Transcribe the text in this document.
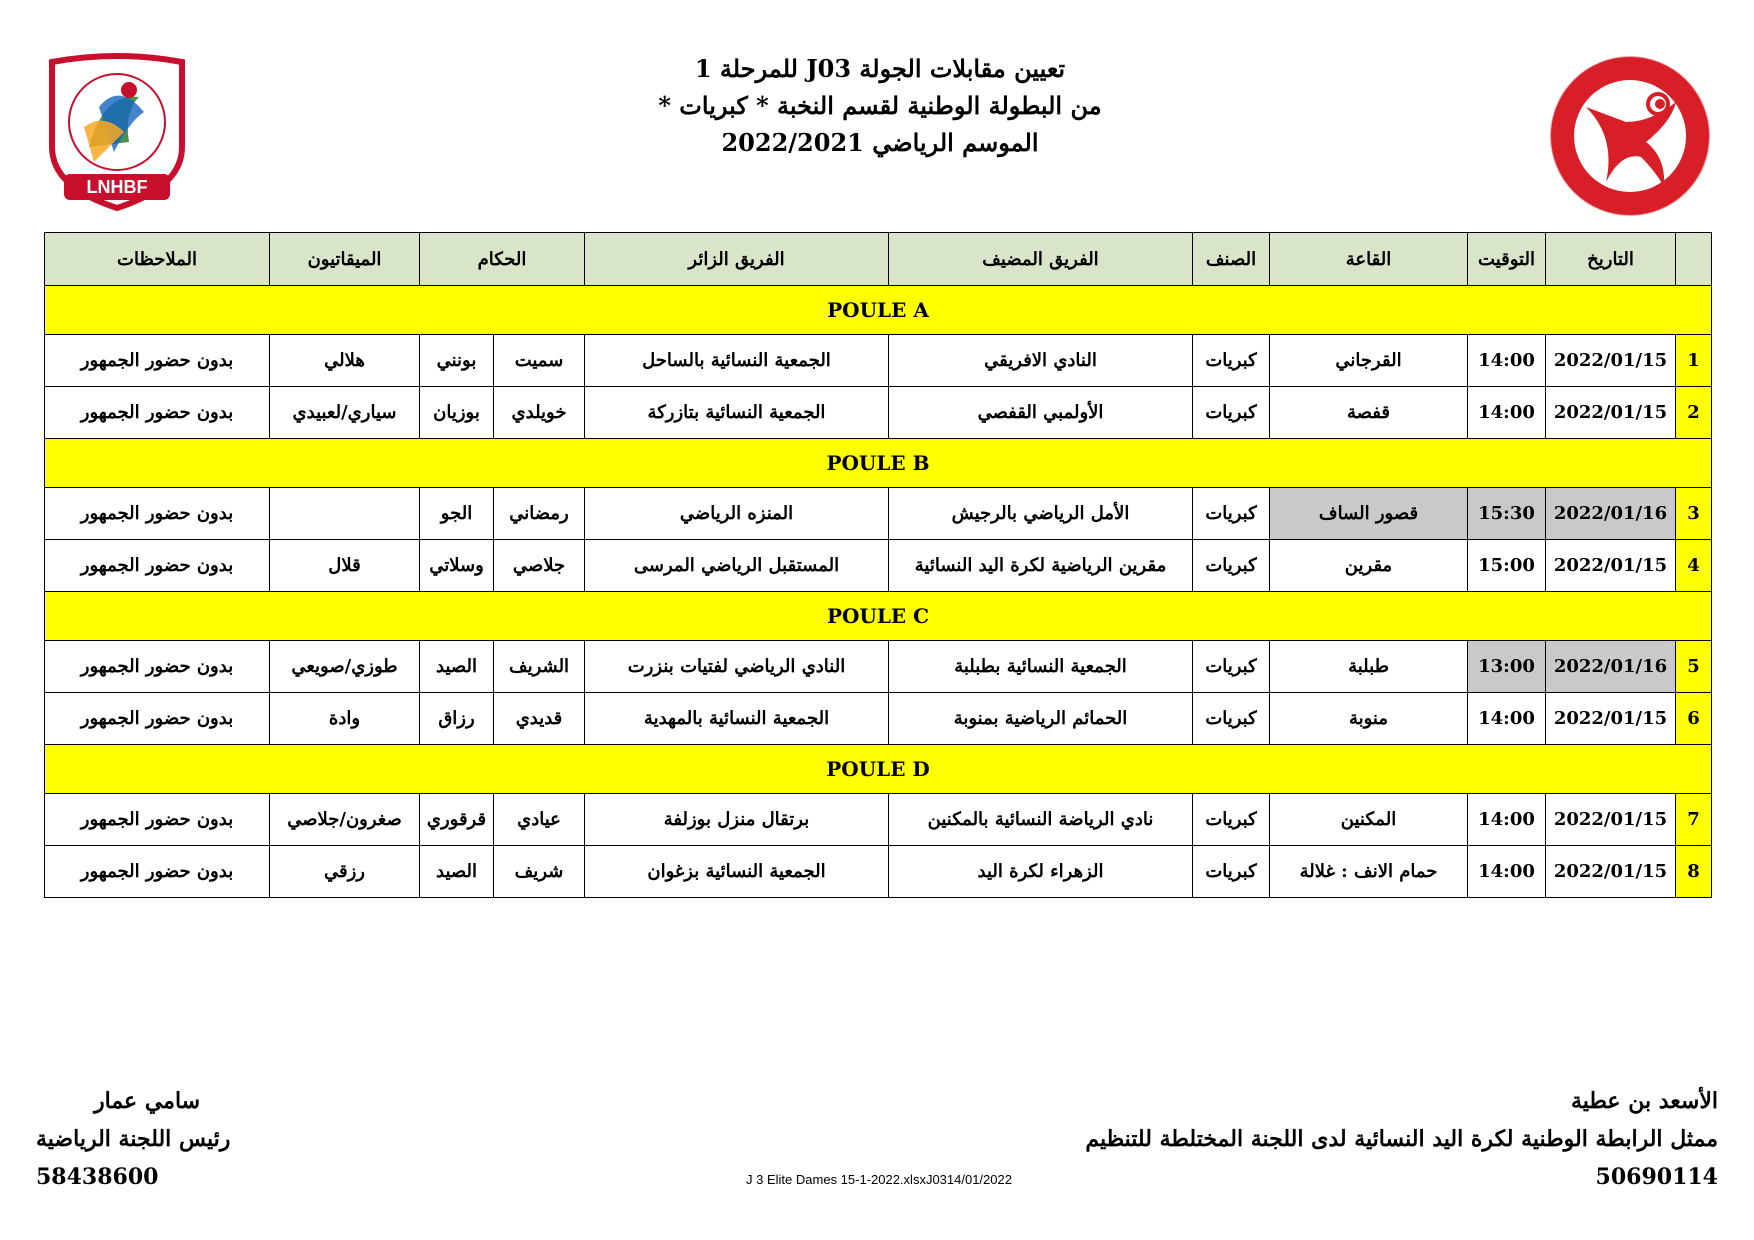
LNHBF
تعيين مقابلات الجولة J03 للمرحلة 1
من البطولة الوطنية لقسم النخبة * كبريات *
الموسم الرياضي 2022/2021
	التاريخ	التوقيت	القاعة	الصنف	الفريق المضيف	الفريق الزائر	الحكام		الميقاتيون	الملاحظات
POULE A										
1	2022/01/15	14:00	القرجاني	كبريات	النادي الافريقي	الجمعية النسائية بالساحل	سميت	بونني	هلالي	بدون حضور الجمهور
2	2022/01/15	14:00	قفصة	كبريات	الأولمبي القفصي	الجمعية النسائية بتازركة	خويلدي	بوزيان	سياري/لعبيدي	بدون حضور الجمهور
POULE B										
3	2022/01/16	15:30	قصور الساف	كبريات	الأمل الرياضي بالرجيش	المنزه الرياضي	رمضاني	الجو		بدون حضور الجمهور
4	2022/01/15	15:00	مقرين	كبريات	مقرين الرياضية لكرة اليد النسائية	المستقبل الرياضي المرسى	جلاصي	وسلاتي	قلال	بدون حضور الجمهور
POULE C										
5	2022/01/16	13:00	طبلبة	كبريات	الجمعية النسائية بطبلبة	النادي الرياضي لفتيات بنزرت	الشريف	الصيد	طوزي/صويعي	بدون حضور الجمهور
6	2022/01/15	14:00	منوبة	كبريات	الحمائم الرياضية بمنوبة	الجمعية النسائية بالمهدية	قديدي	رزاق	وادة	بدون حضور الجمهور
POULE D										
7	2022/01/15	14:00	المكنين	كبريات	نادي الرياضة النسائية بالمكنين	برتقال منزل بوزلفة	عيادي	قرقوري	صغرون/جلاصي	بدون حضور الجمهور
8	2022/01/15	14:00	حمام الانف : غلالة	كبريات	الزهراء لكرة اليد	الجمعية النسائية بزغوان	شريف	الصيد	رزقي	بدون حضور الجمهور
الأسعد بن عطية
ممثل الرابطة الوطنية لكرة اليد النسائية لدى اللجنة المختلطة للتنظيم
50690114
سامي عمار
رئيس اللجنة الرياضية
58438600	J 3 Elite Dames 15-1-2022.xlsxJ0314/01/2022
